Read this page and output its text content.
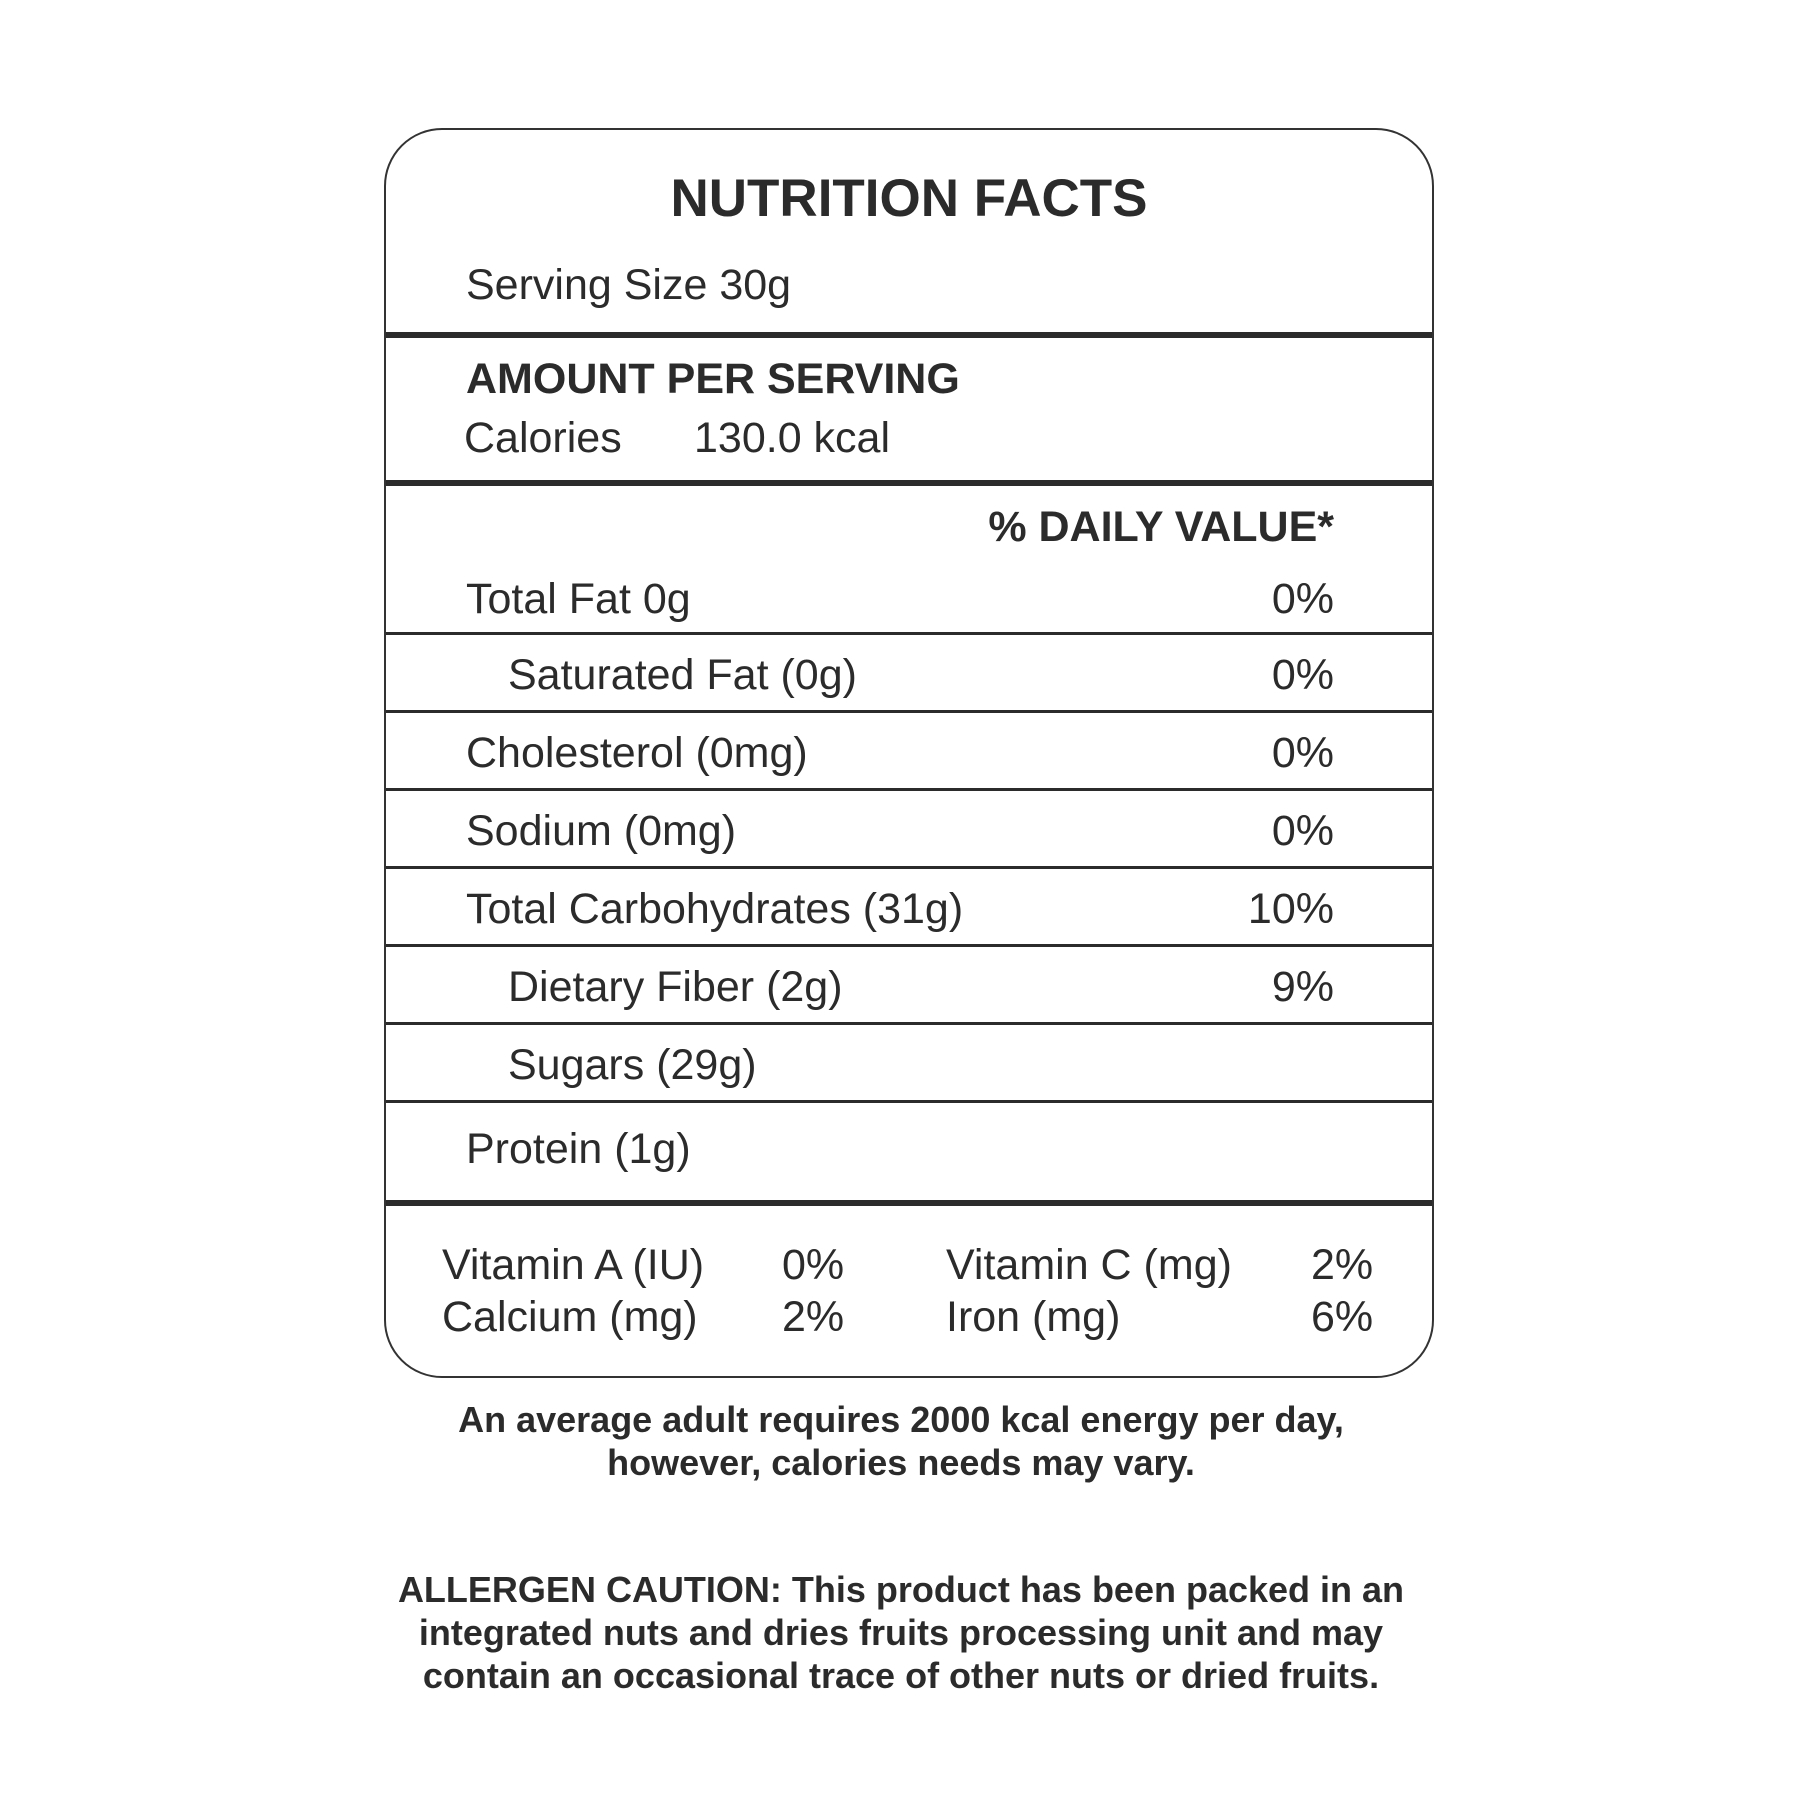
NUTRITION FACTS
Serving Size 30g
AMOUNT PER SERVING
Calories 130.0 kcal
% DAILY VALUE*
Total Fat 0g	0%
Saturated Fat (0g)	0%
Cholesterol (0mg)	0%
Sodium (0mg)	0%
Total Carbohydrates (31g)	10%
Dietary Fiber (2g)	9%
Sugars (29g)
Protein (1g)
Vitamin A (IU) 0% Vitamin C (mg) 2%
Calcium (mg) 2% Iron (mg)	6%
An average adult requires 2000 kcal energy per day,
however, calories needs may vary.
ALLERGEN CAUTION: This product has been packed in an
integrated nuts and dries fruits processing unit and may
contain an occasional trace of other nuts or dried fruits.
